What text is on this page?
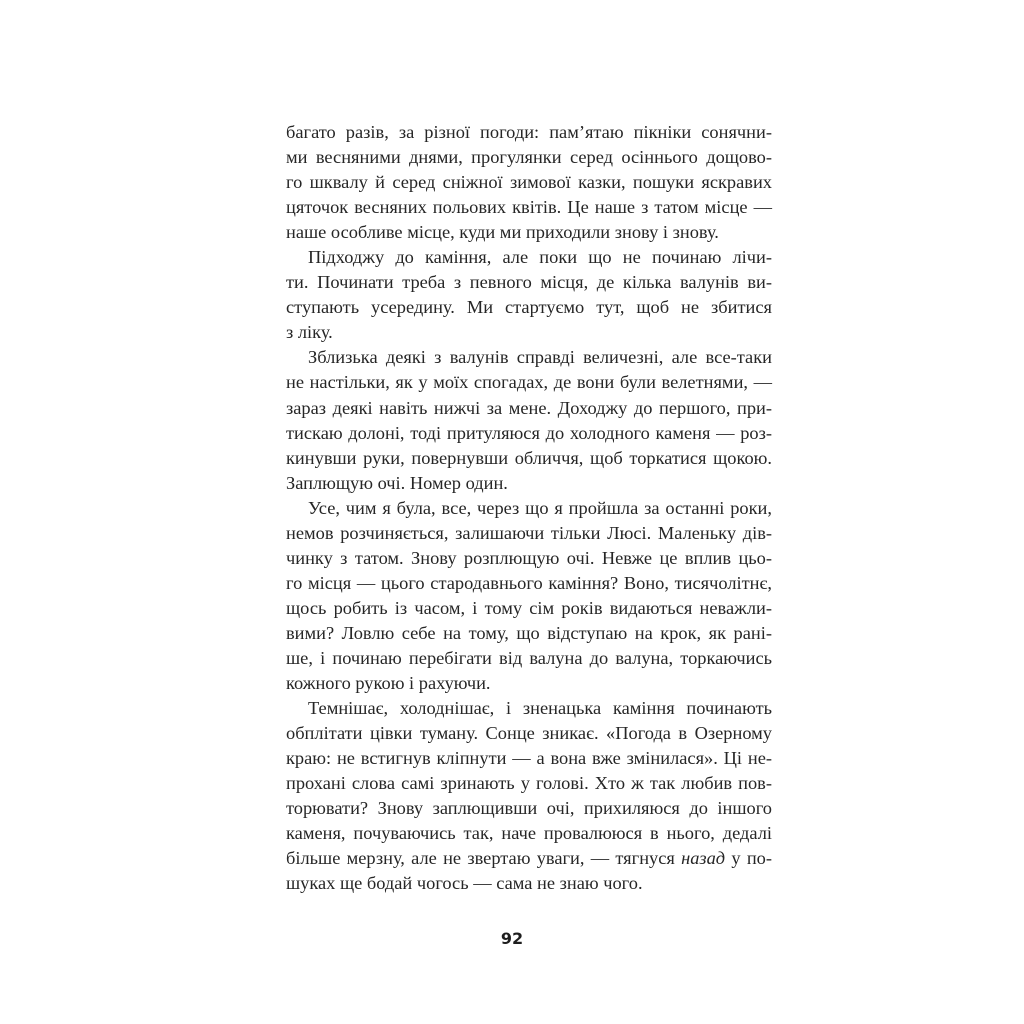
багато разів, за різної погоди: пам’ятаю пікніки сонячни-
ми весняними днями, прогулянки серед осіннього дощово-
го шквалу й серед сніжної зимової казки, пошуки яскравих
цяточок весняних польових квітів. Це наше з татом місце —
наше особливе місце, куди ми приходили знову і знову.
Підходжу до каміння, але поки що не починаю лічи-
ти. Починати треба з певного місця, де кілька валунів ви-
ступають усередину. Ми стартуємо тут, щоб не збитися
з ліку.
Зблизька деякі з валунів справді величезні, але все-таки
не настільки, як у моїх спогадах, де вони були велетнями, —
зараз деякі навіть нижчі за мене. Доходжу до першого, при-
тискаю долоні, тоді притуляюся до холодного каменя — роз-
кинувши руки, повернувши обличчя, щоб торкатися щокою.
Заплющую очі. Номер один.
Усе, чим я була, все, через що я пройшла за останні роки,
немов розчиняється, залишаючи тільки Люсі. Маленьку дів-
чинку з татом. Знову розплющую очі. Невже це вплив цьо-
го місця — цього стародавнього каміння? Воно, тисячолітнє,
щось робить із часом, і тому сім років видаються неважли-
вими? Ловлю себе на тому, що відступаю на крок, як рані-
ше, і починаю перебігати від валуна до валуна, торкаючись
кожного рукою і рахуючи.
Темнішає, холоднішає, і зненацька каміння починають
обплітати цівки туману. Сонце зникає. «Погода в Озерному
краю: не встигнув кліпнути — а вона вже змінилася». Ці не-
прохані слова самі зринають у голові. Хто ж так любив пов-
торювати? Знову заплющивши очі, прихиляюся до іншого
каменя, почуваючись так, наче провалююся в нього, дедалі
більше мерзну, але не звертаю уваги, — тягнуся назад у по-
шуках ще бодай чогось — сама не знаю чого.
92
